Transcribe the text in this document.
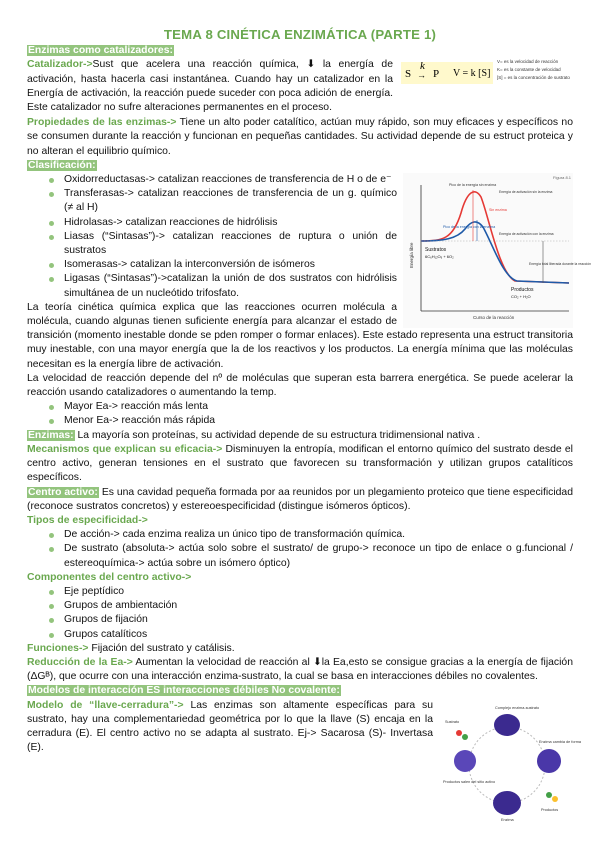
TEMA 8 CINÉTICA ENZIMÁTICA (PARTE 1)

Enzimas como catalizadores:

S
k
→ P V = k [S]
V= es la velocidad de reacción
K= es la constante de velocidad
[S] = es la concentración de sustrato

Catalizador->Sust que acelera una reacción química, ⬇ la energía de activación, hasta hacerla casi instantánea. Cuando hay un catalizador en la Energía de activación, la reacción puede suceder con poca adición de energía. Este catalizador no sufre alteraciones permanentes en el proceso.

Propiedades de las enzimas-> Tiene un alto poder catalítico, actúan muy rápido, son muy eficaces y específicos no se consumen durante la reacción y funcionan en pequeñas cantidades. Su actividad depende de su estruct proteica y no alteran el equilibrio químico.

Clasificación:

Figura 8.1
Energía libre
Curso de la reacción
Pico de la energía sin enzima
Sin enzima
Pico de la energía con la enzima
Energía de activación con la enzima
Energía de activación sin la enzima
Energía total liberada durante la reacción
Sustratos
6C₆H₁₂O₆ + 6O₂
Productos
CO₂ + H₂O
Oxidorreductasas-> catalizan reacciones de transferencia de H o de e⁻
Transferasas-> catalizan reacciones de transferencia de un g. químico (≠ al H)
Hidrolasas-> catalizan reacciones de hidrólisis
Liasas (“Sintasas”)-> catalizan reacciones de ruptura o unión de sustratos
Isomerasas-> catalizan la interconversión de isómeros
Ligasas (“Sintasas”)->catalizan la unión de dos sustratos con hidrólisis simultánea de un nucleótido trifosfato.

La teoría cinética química explica que las reacciones ocurren molécula a molécula, cuando algunas tienen suficiente energía para alcanzar el estado de transición (momento inestable donde se pden romper o formar enlaces). Este estado representa una estruct transitoria muy inestable, con una mayor energía que la de los reactivos y los productos. La energía mínima que las moléculas necesitan es la energía libre de activación.

La velocidad de reacción depende del nº de moléculas que superan esta barrera energética. Se puede acelerar la reacción usando catalizadores o aumentando la temp.

Mayor Ea-> reacción más lenta
Menor Ea-> reacción más rápida

Enzimas: La mayoría son proteínas, su actividad depende de su estructura tridimensional nativa .

Mecanismos que explican su eficacia-> Disminuyen la entropía, modifican el entorno químico del sustrato desde el centro activo, generan tensiones en el sustrato que favorecen su transformación y utilizan grupos catalíticos específicos.

Centro activo: Es una cavidad pequeña formada por aa reunidos por un plegamiento proteico que tiene especificidad (reconoce sustratos concretos) y estereoespecificidad (distingue isómeros ópticos).

Tipos de especificidad->

De acción-> cada enzima realiza un único tipo de transformación química.
De sustrato (absoluta-> actúa solo sobre el sustrato/ de grupo-> reconoce un tipo de enlace o g.funcional / estereoquímica-> actúa sobre un isómero óptico)

Componentes del centro activo->

Eje peptídico
Grupos de ambientación
Grupos de fijación
Grupos catalíticos

Funciones-> Fijación del sustrato y catálisis.

Reducción de la Ea-> Aumentan la velocidad de reacción al ⬇la Ea,esto se consigue gracias a la energía de fijación (ΔGᴮ), que ocurre con una interacción enzima-sustrato, la cual se basa en interacciones débiles no covalentes.

Modelos de interacción ES interacciones débiles No covalente:

Sustrato
Complejo enzima-sustrato
Enzima
Productos
Enzima cambia de forma
Productos salen del sitio activo

Modelo de “llave-cerradura”-> Las enzimas son altamente específicas para su sustrato, hay una complementariedad geométrica por lo que la llave (S) encaja en la cerradura (E). El centro activo no se adapta al sustrato. Ej-> Sacarosa (S)- Invertasa (E).
